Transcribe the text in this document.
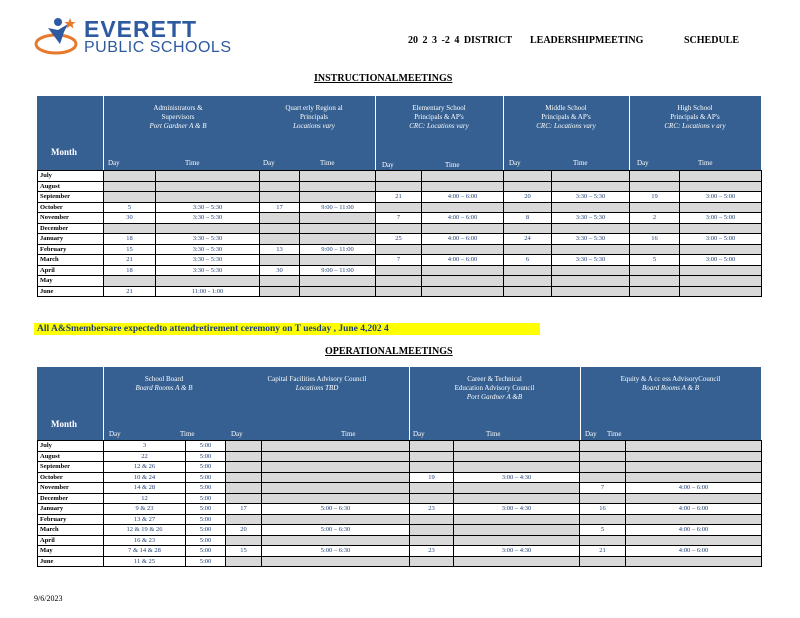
EVERETT
PUBLIC SCHOOLS	20 2 3 -2 4 DISTRICT LEADERSHIPMEETING	SCHEDULE
INSTRUCTIONALMEETINGS
Month
Administrators &
Supervisors
Port Gardner A & B
Quart erly Region al
Principals
Locations vary
Elementary School
Principals & AP's
CRC: Locations vary
Middle School
Principals & AP's
CRC: Locations vary
High School
Principals & AP's
CRC: Locations v ary
Day	Time	Day	Time	Day	Time	Day	Time	Day	Time
July										
August										
September					21	4:00 – 6:00	20	3:30 – 5:30	19	3:00 – 5:00
October	5	3:30 – 5:30	17	9:00 – 11:00						
November	30	3:30 – 5:30			7	4:00 – 6:00	8	3:30 – 5:30	2	3:00 – 5:00
December										
January	18	3:30 – 5:30			25	4:00 – 6:00	24	3:30 – 5:30	16	3:00 – 5:00
February	15	3:30 – 5:30	13	9:00 – 11:00						
March	21	3:30 – 5:30			7	4:00 – 6:00	6	3:30 – 5:30	5	3:00 – 5:00
April	18	3:30 – 5:30	30	9:00 – 11:00						
May										
June	21	11:00 - 1:00								
All A&Smembersare expectedto attendretirement ceremony on T uesday , June 4,202 4
OPERATIONALMEETINGS
Month
School Board
Board Rooms A & B
Capital Facilities Advisory Council
Locations TBD
Career & Technical
Education Advisory Council
Port Gardner A &B
Equity & A cc ess AdvisoryCouncil
Board Rooms A & B
Day	Time	Day	Time	Day	Time	Day Time
July	3	5:00						
August	22	5:00						
September	12 & 26	5:00						
October	10 & 24	5:00			19	3:00 – 4:30		
November	14 & 28	5:00					7	4:00 – 6:00
December	12	5:00						
January	9 & 23	5:00	17	5:00 – 6:30	23	3:00 – 4:30	16	4:00 – 6:00
February	13 & 27	5:00						
March	12 & 19 & 26	5:00	20	5:00 – 6:30			5	4:00 – 6:00
April	16 & 23	5:00						
May	7 & 14 & 28	5:00	15	5:00 – 6:30	23	3:00 – 4:30	21	4:00 – 6:00
June	11 & 25	5:00						
9/6/2023
